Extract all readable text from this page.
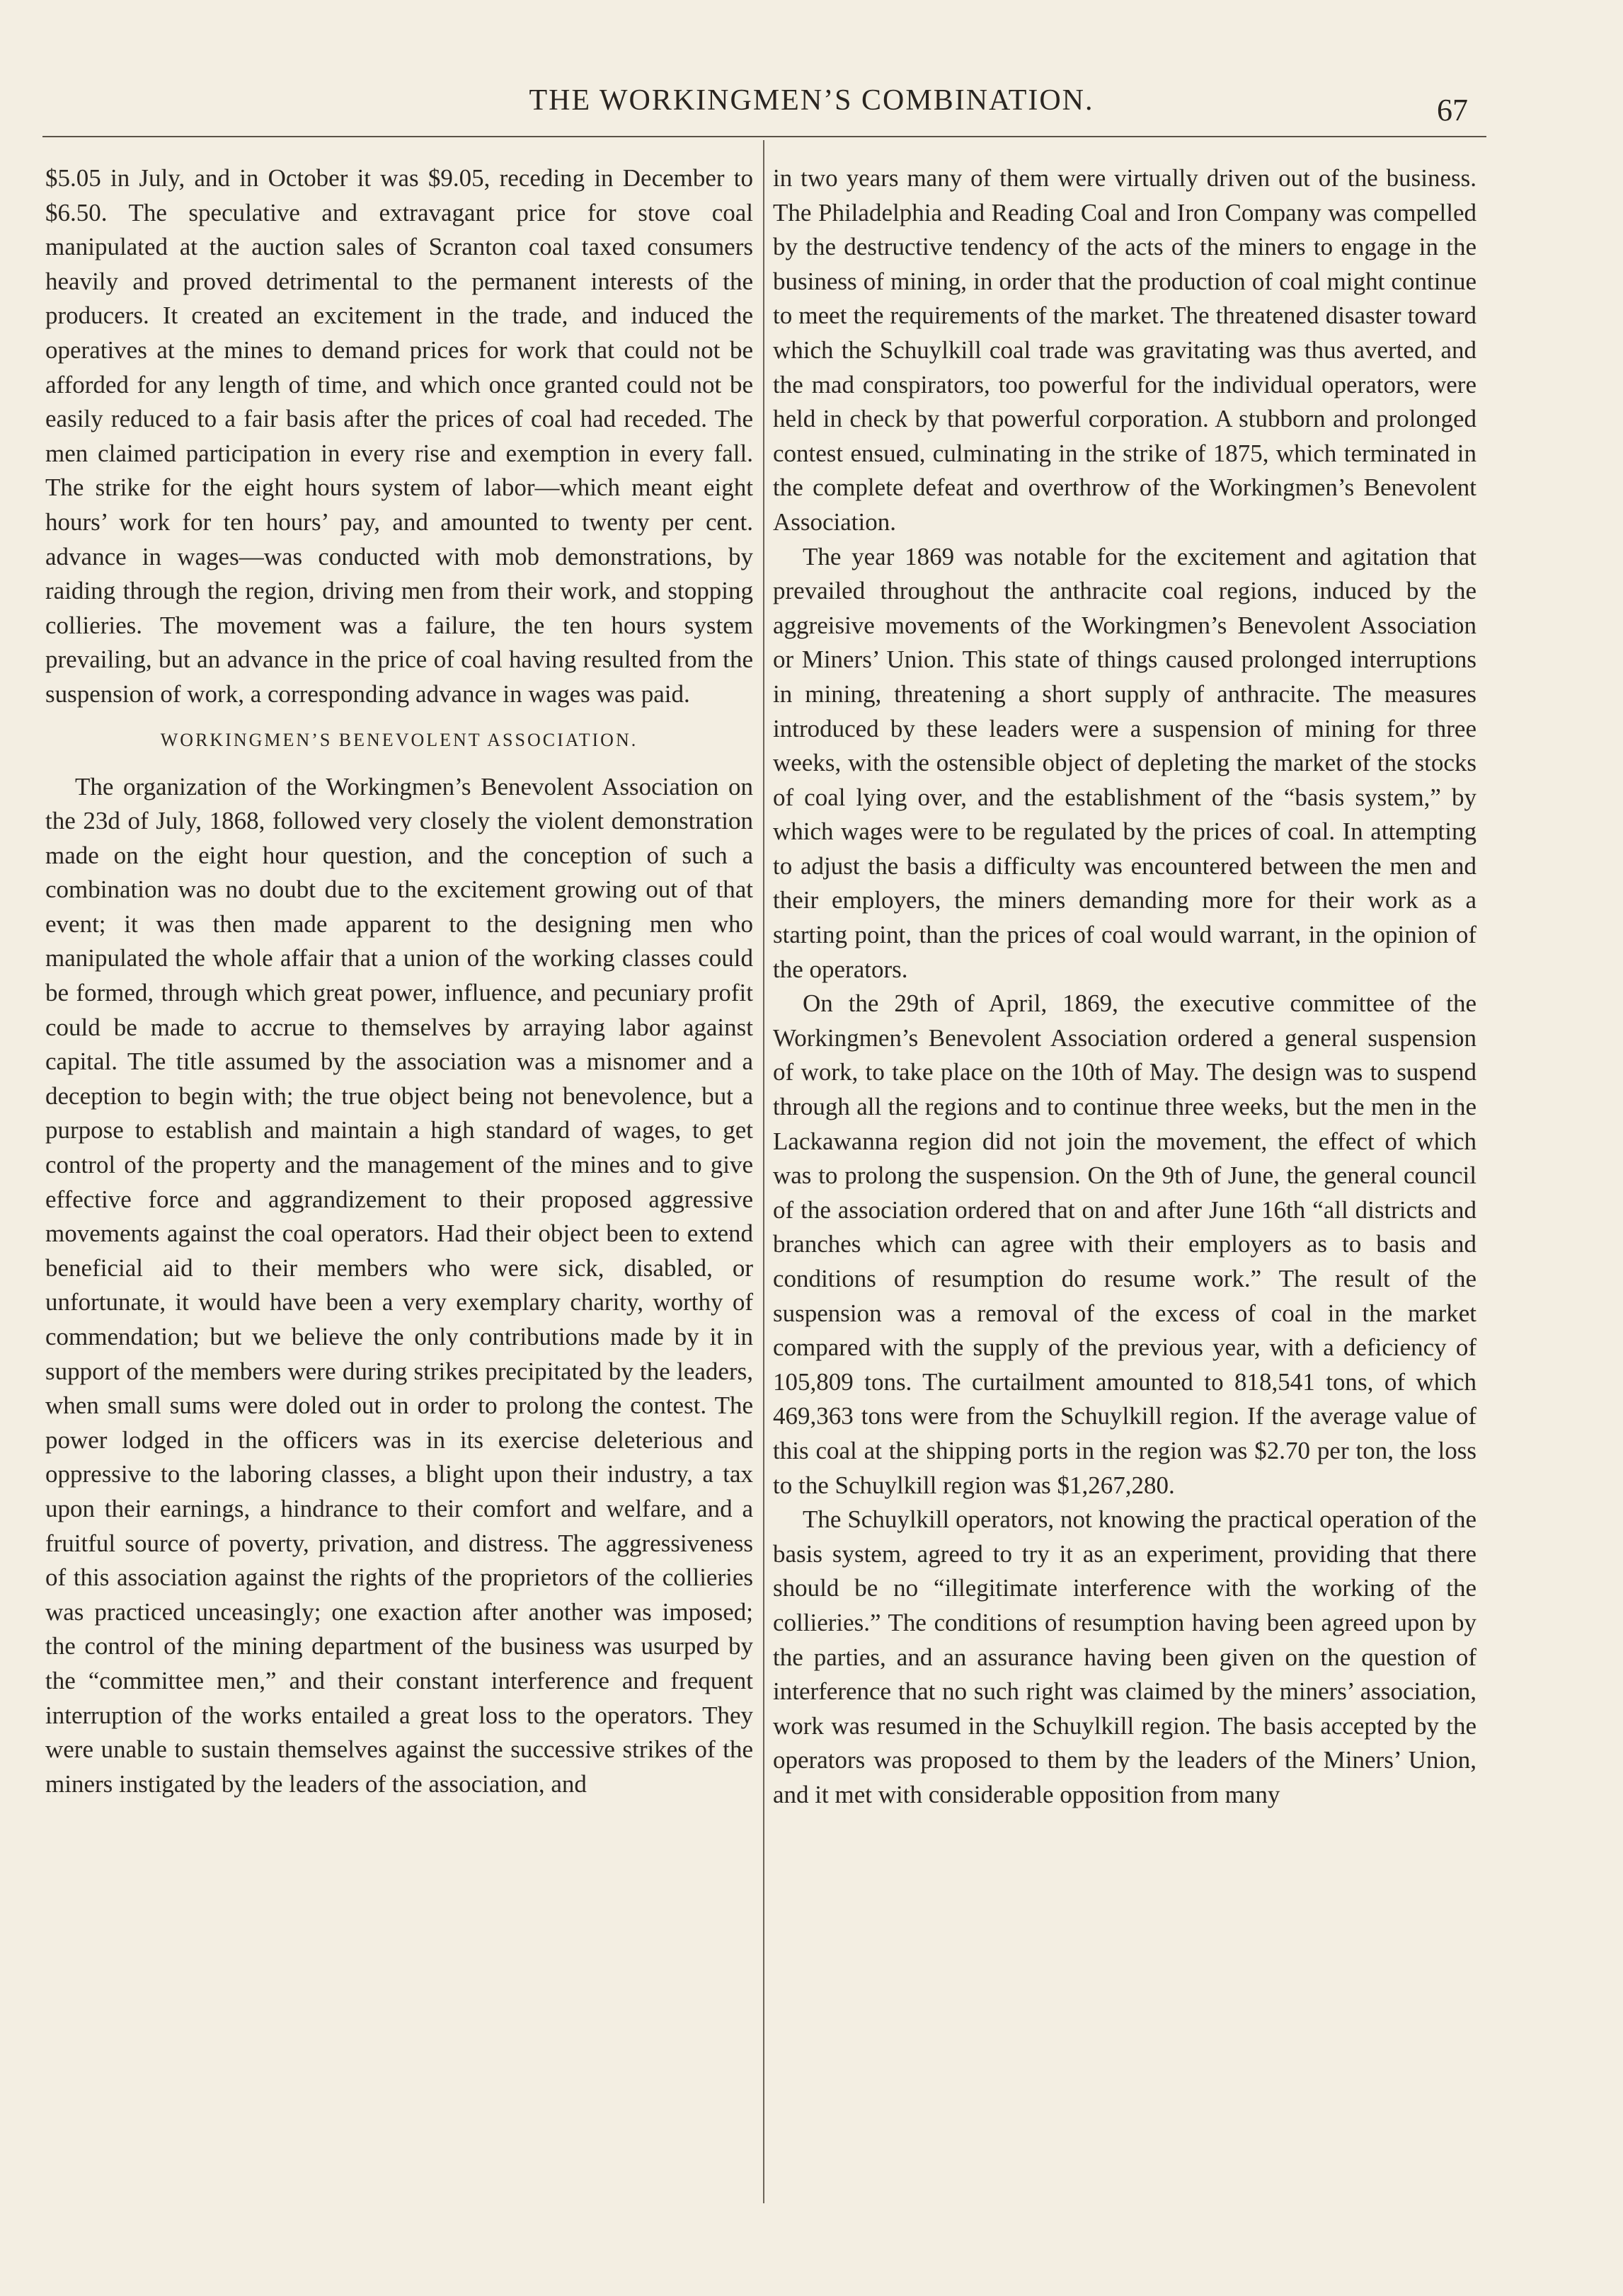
THE WORKINGMEN’S COMBINATION.	67

$5.05 in July, and in October it was $9.05, receding in December to $6.50. The speculative and extravagant price for stove coal manipulated at the auction sales of Scranton coal taxed consumers heavily and proved detrimental to the permanent interests of the producers. It created an excitement in the trade, and induced the operatives at the mines to demand prices for work that could not be afforded for any length of time, and which once granted could not be easily reduced to a fair basis after the prices of coal had receded. The men claimed participation in every rise and exemption in every fall. The strike for the eight hours system of labor—which meant eight hours’ work for ten hours’ pay, and amounted to twenty per cent. advance in wages—was conducted with mob demonstrations, by raiding through the region, driving men from their work, and stopping collieries. The movement was a failure, the ten hours system prevailing, but an advance in the price of coal having resulted from the suspension of work, a corresponding advance in wages was paid.

WORKINGMEN’S BENEVOLENT ASSOCIATION.

The organization of the Workingmen’s Benevolent Association on the 23d of July, 1868, followed very closely the violent demonstration made on the eight hour question, and the conception of such a combination was no doubt due to the excitement growing out of that event; it was then made apparent to the designing men who manipulated the whole affair that a union of the working classes could be formed, through which great power, influence, and pecuniary profit could be made to accrue to themselves by arraying labor against capital. The title assumed by the association was a misnomer and a deception to begin with; the true object being not benevolence, but a purpose to establish and maintain a high standard of wages, to get control of the property and the management of the mines and to give effective force and aggrandizement to their proposed aggressive movements against the coal operators. Had their object been to extend beneficial aid to their members who were sick, disabled, or unfortunate, it would have been a very exemplary charity, worthy of commendation; but we believe the only contributions made by it in support of the members were during strikes precipitated by the leaders, when small sums were doled out in order to prolong the contest. The power lodged in the officers was in its exercise deleterious and oppressive to the laboring classes, a blight upon their industry, a tax upon their earnings, a hindrance to their comfort and welfare, and a fruitful source of poverty, privation, and distress. The aggressiveness of this association against the rights of the proprietors of the collieries was practiced unceasingly; one exaction after another was imposed; the control of the mining department of the business was usurped by the “committee men,” and their constant interference and frequent interruption of the works entailed a great loss to the operators. They were unable to sustain themselves against the successive strikes of the miners instigated by the leaders of the association, and

in two years many of them were virtually driven out of the business. The Philadelphia and Reading Coal and Iron Company was compelled by the destructive tendency of the acts of the miners to engage in the business of mining, in order that the production of coal might continue to meet the requirements of the market. The threatened disaster toward which the Schuylkill coal trade was gravitating was thus averted, and the mad conspirators, too powerful for the individual operators, were held in check by that powerful corporation. A stubborn and prolonged contest ensued, culminating in the strike of 1875, which terminated in the complete defeat and overthrow of the Workingmen’s Benevolent Association.

The year 1869 was notable for the excitement and agitation that prevailed throughout the anthracite coal regions, induced by the aggreisive movements of the Workingmen’s Benevolent Association or Miners’ Union. This state of things caused prolonged interruptions in mining, threatening a short supply of anthracite. The measures introduced by these leaders were a suspension of mining for three weeks, with the ostensible object of depleting the market of the stocks of coal lying over, and the establishment of the “basis system,” by which wages were to be regulated by the prices of coal. In attempting to adjust the basis a difficulty was encountered between the men and their employers, the miners demanding more for their work as a starting point, than the prices of coal would warrant, in the opinion of the operators.

On the 29th of April, 1869, the executive committee of the Workingmen’s Benevolent Association ordered a general suspension of work, to take place on the 10th of May. The design was to suspend through all the regions and to continue three weeks, but the men in the Lackawanna region did not join the movement, the effect of which was to prolong the suspension. On the 9th of June, the general council of the association ordered that on and after June 16th “all districts and branches which can agree with their employers as to basis and conditions of resumption do resume work.” The result of the suspension was a removal of the excess of coal in the market compared with the supply of the previous year, with a deficiency of 105,809 tons. The curtailment amounted to 818,541 tons, of which 469,363 tons were from the Schuylkill region. If the average value of this coal at the shipping ports in the region was $2.70 per ton, the loss to the Schuylkill region was $1,267,280.

The Schuylkill operators, not knowing the practical operation of the basis system, agreed to try it as an experiment, providing that there should be no “illegitimate interference with the working of the collieries.” The conditions of resumption having been agreed upon by the parties, and an assurance having been given on the question of interference that no such right was claimed by the miners’ association, work was resumed in the Schuylkill region. The basis accepted by the operators was proposed to them by the leaders of the Miners’ Union, and it met with considerable opposition from many
